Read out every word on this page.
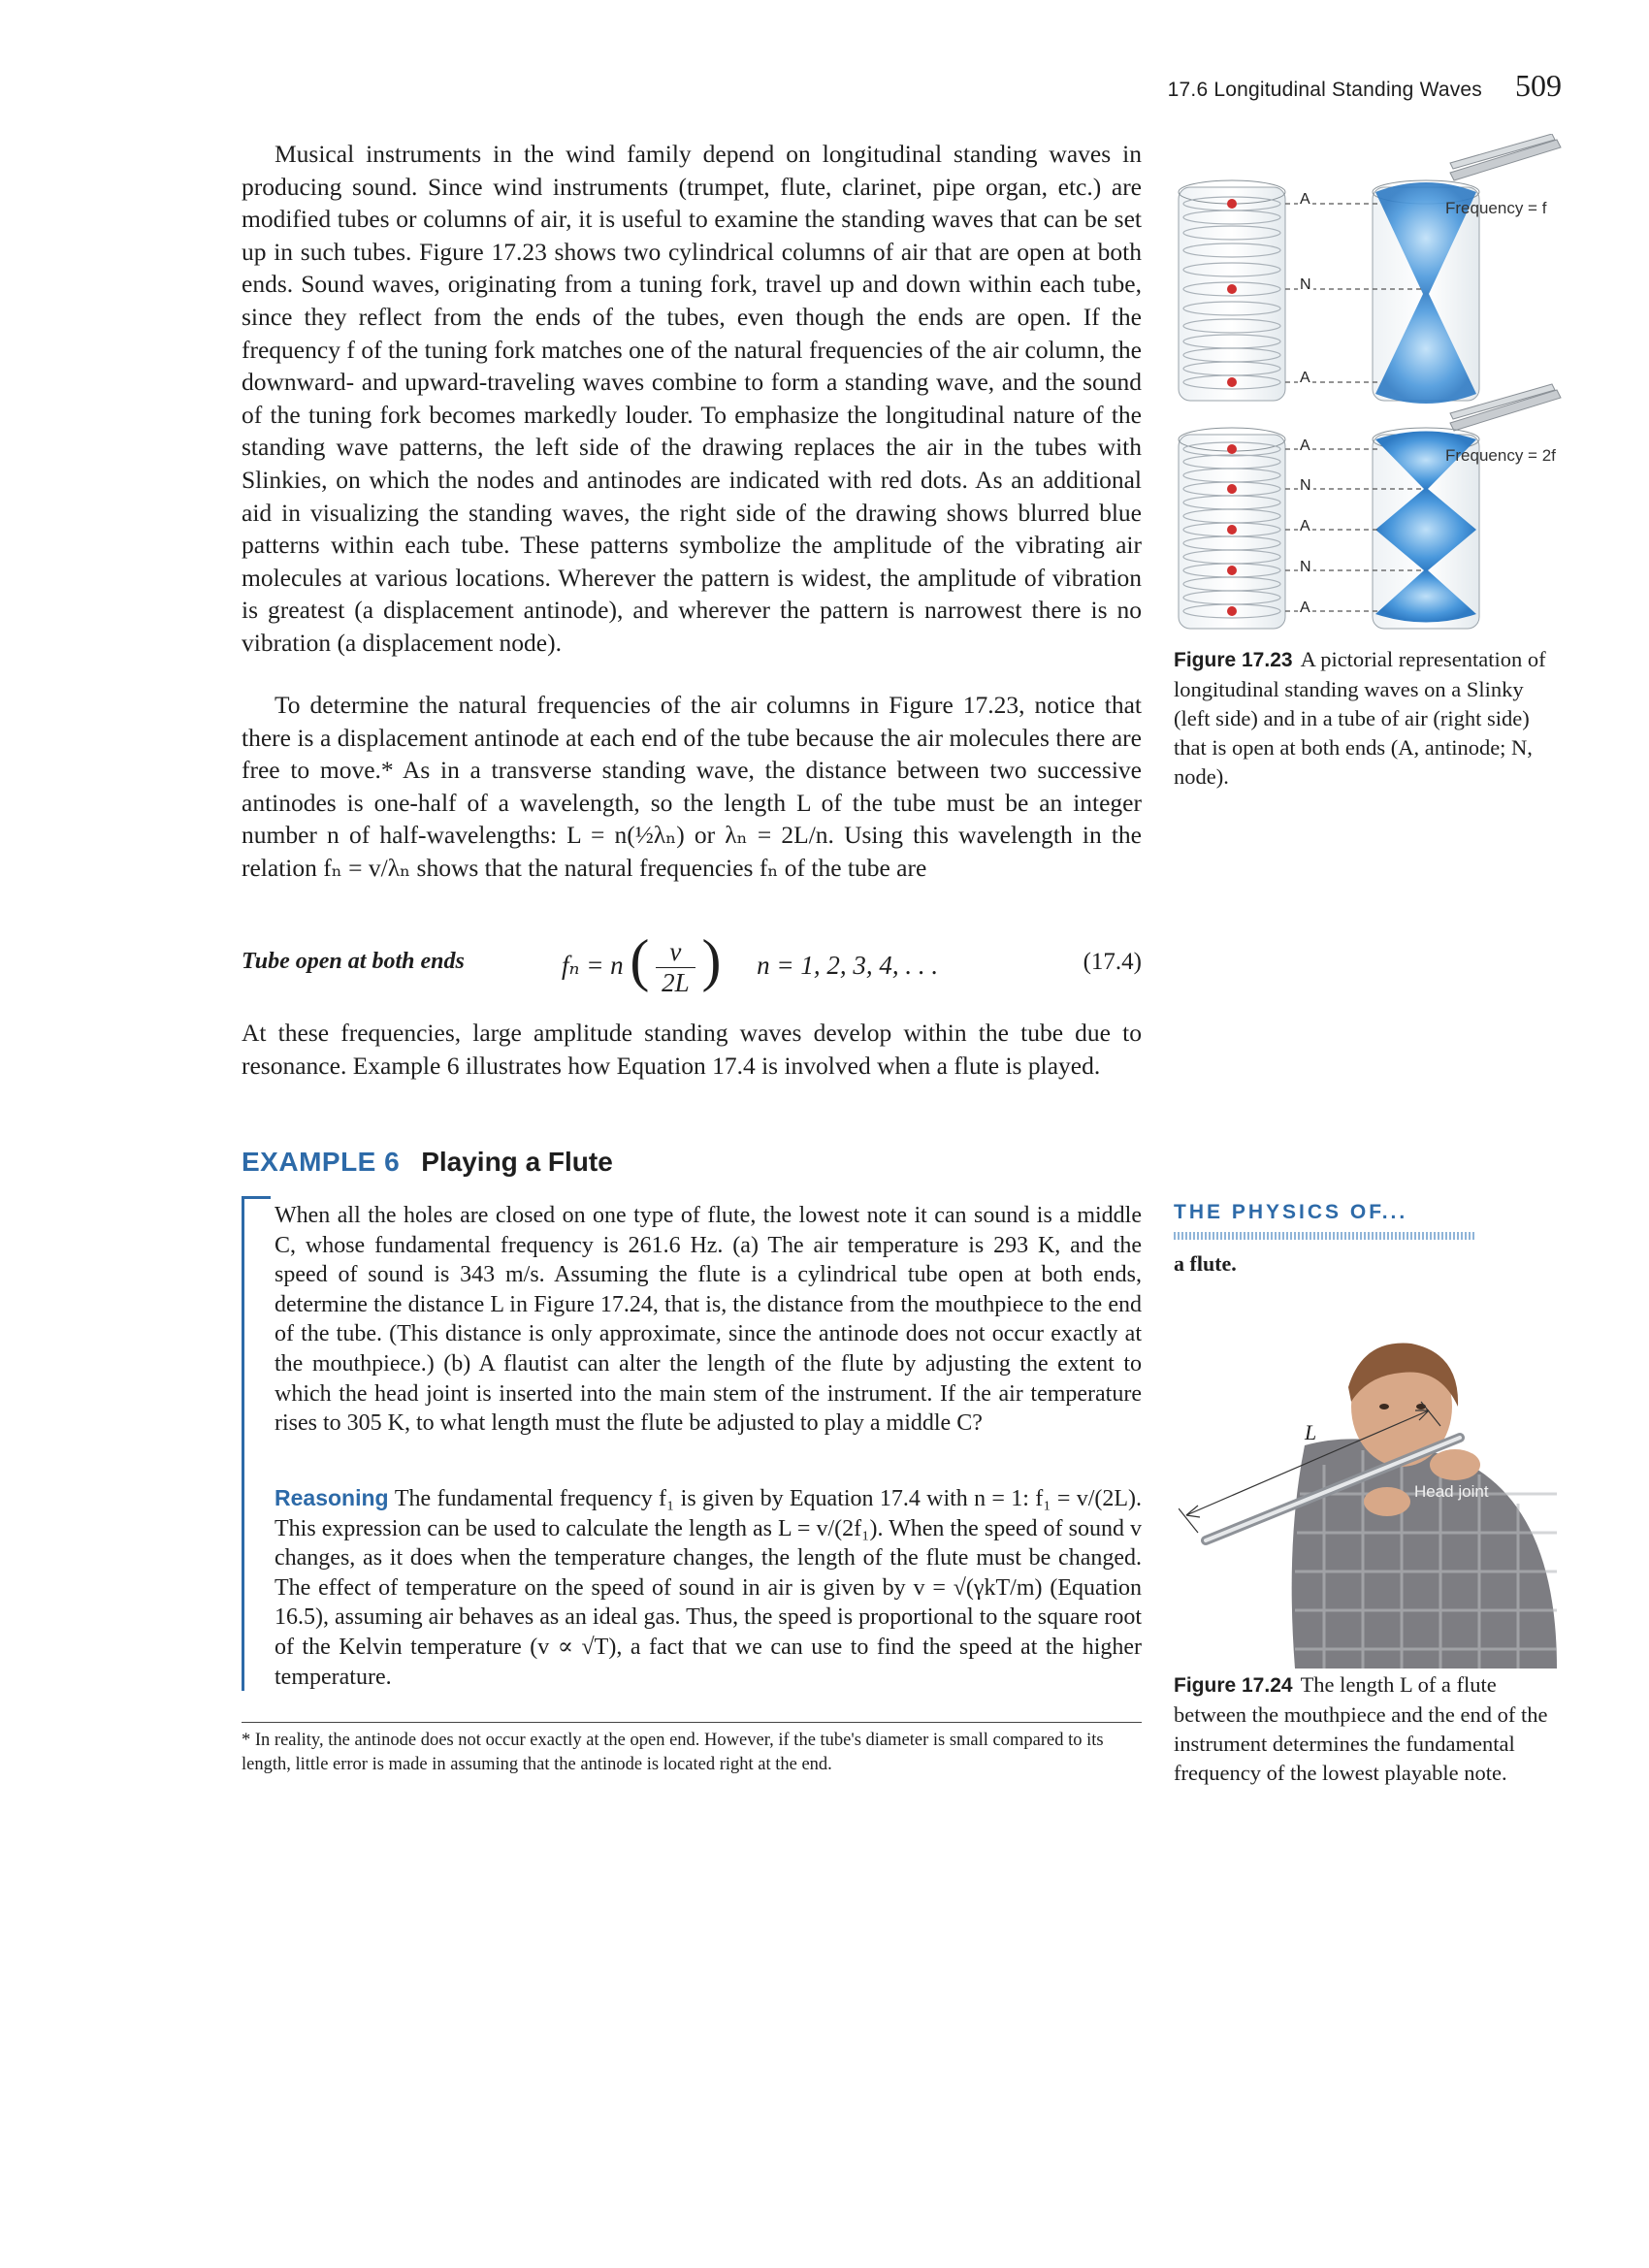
17.6 Longitudinal Standing Waves 509

Musical instruments in the wind family depend on longitudinal standing waves in producing sound. Since wind instruments (trumpet, flute, clarinet, pipe organ, etc.) are modified tubes or columns of air, it is useful to examine the standing waves that can be set up in such tubes. Figure 17.23 shows two cylindrical columns of air that are open at both ends. Sound waves, originating from a tuning fork, travel up and down within each tube, since they reflect from the ends of the tubes, even though the ends are open. If the frequency f of the tuning fork matches one of the natural frequencies of the air column, the downward- and upward-traveling waves combine to form a standing wave, and the sound of the tuning fork becomes markedly louder. To emphasize the longitudinal nature of the standing wave patterns, the left side of the drawing replaces the air in the tubes with Slinkies, on which the nodes and antinodes are indicated with red dots. As an additional aid in visualizing the standing waves, the right side of the drawing shows blurred blue patterns within each tube. These patterns symbolize the amplitude of the vibrating air molecules at various locations. Wherever the pattern is widest, the amplitude of vibration is greatest (a displacement antinode), and wherever the pattern is narrowest there is no vibration (a displacement node).

To determine the natural frequencies of the air columns in Figure 17.23, notice that there is a displacement antinode at each end of the tube because the air molecules there are free to move.* As in a transverse standing wave, the distance between two successive antinodes is one-half of a wavelength, so the length L of the tube must be an integer number n of half-wavelengths: L = n(½λₙ) or λₙ = 2L/n. Using this wavelength in the relation fₙ = v/λₙ shows that the natural frequencies fₙ of the tube are

Tube open at both ends	fₙ = n ( $\frac{v}{2L}$ ) n = 1, 2, 3, 4, . . .	(17.4)

At these frequencies, large amplitude standing waves develop within the tube due to resonance. Example 6 illustrates how Equation 17.4 is involved when a flute is played.

EXAMPLE 6 Playing a Flute

When all the holes are closed on one type of flute, the lowest note it can sound is a middle C, whose fundamental frequency is 261.6 Hz. (a) The air temperature is 293 K, and the speed of sound is 343 m/s. Assuming the flute is a cylindrical tube open at both ends, determine the distance L in Figure 17.24, that is, the distance from the mouthpiece to the end of the tube. (This distance is only approximate, since the antinode does not occur exactly at the mouthpiece.) (b) A flautist can alter the length of the flute by adjusting the extent to which the head joint is inserted into the main stem of the instrument. If the air temperature rises to 305 K, to what length must the flute be adjusted to play a middle C?

Reasoning The fundamental frequency f₁ is given by Equation 17.4 with n = 1: f₁ = v/(2L). This expression can be used to calculate the length as L = v/(2f₁). When the speed of sound v changes, as it does when the temperature changes, the length of the flute must be changed. The effect of temperature on the speed of sound in air is given by v = √(γkT/m) (Equation 16.5), assuming air behaves as an ideal gas. Thus, the speed is proportional to the square root of the Kelvin temperature (v ∝ √T), a fact that we can use to find the speed at the higher temperature.

* In reality, the antinode does not occur exactly at the open end. However, if the tube's diameter is small compared to its length, little error is made in assuming that the antinode is located right at the end.
A
N
A
A
N
A
N
A
Frequency = f
Frequency = 2f
Figure 17.23 A pictorial representation of longitudinal standing waves on a Slinky (left side) and in a tube of air (right side) that is open at both ends (A, antinode; N, node).
THE PHYSICS OF...
a flute.
L
Head joint
Figure 17.24 The length L of a flute between the mouthpiece and the end of the instrument determines the fundamental frequency of the lowest playable note.
